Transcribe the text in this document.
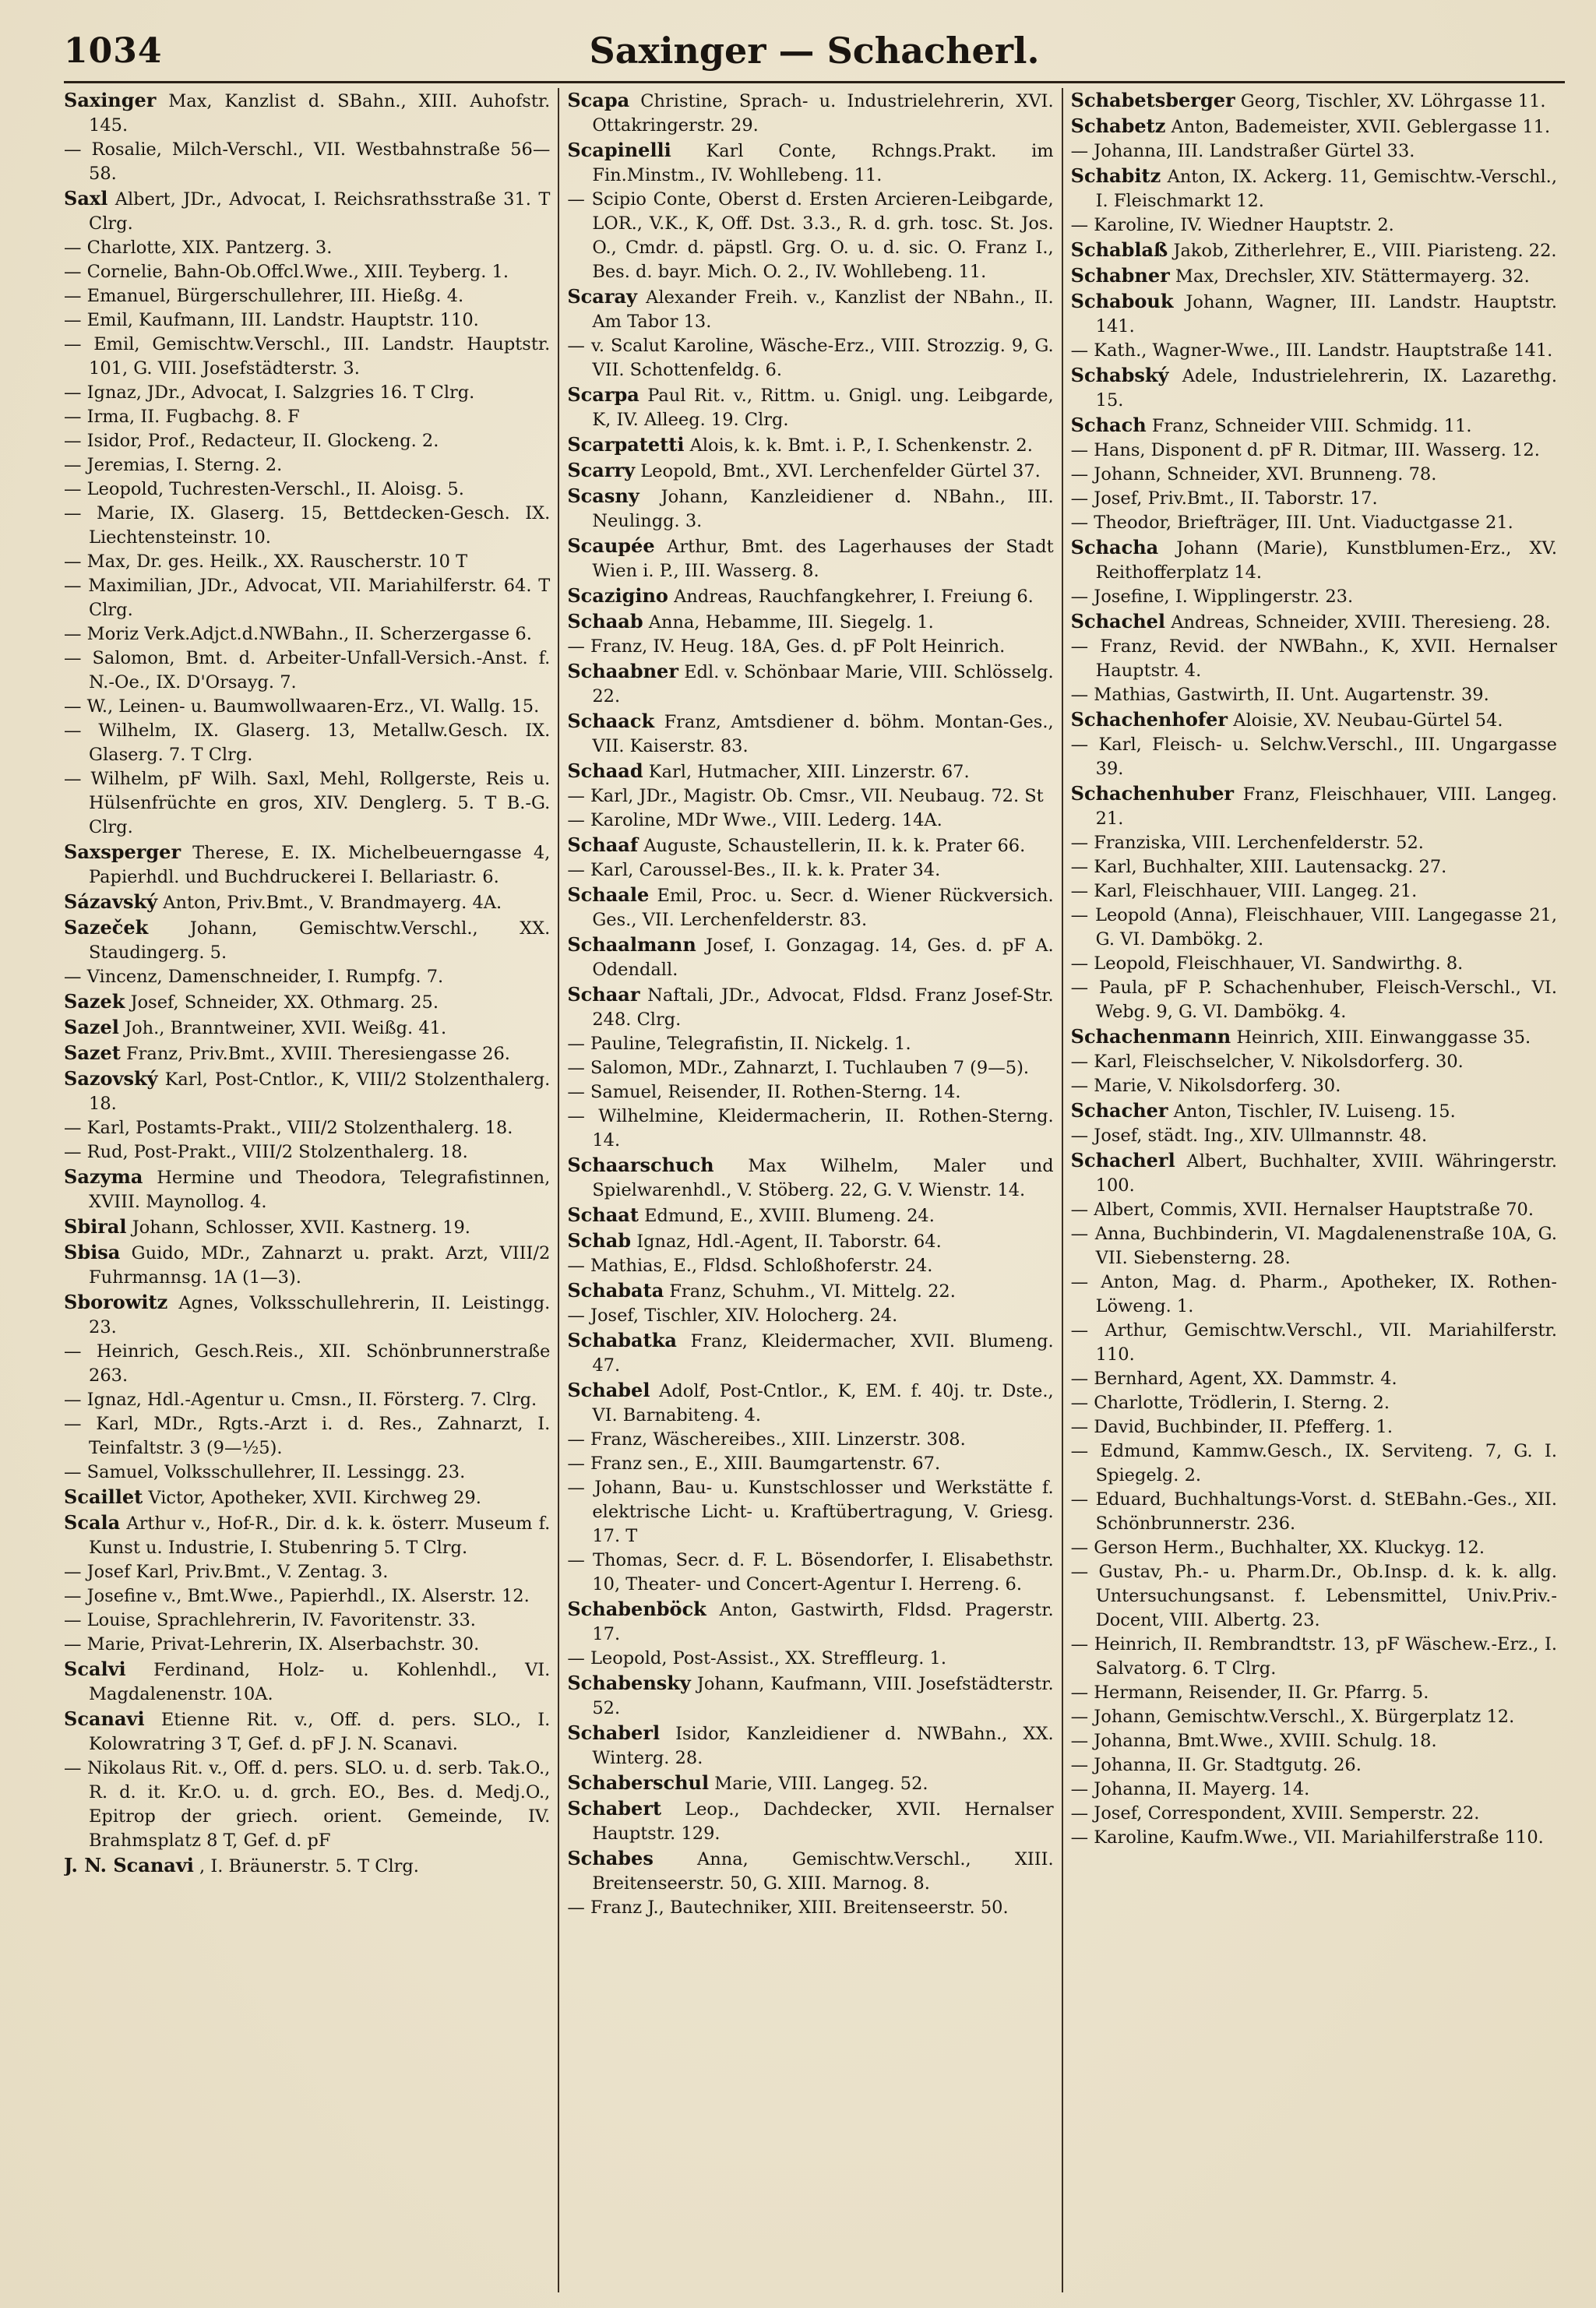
1034	Saxinger — Schacherl.

Saxinger Max, Kanzlist d. SBahn., XIII. Auhofstr. 145.

— Rosalie, Milch-Verschl., VII. Westbahnstraße 56—58.

Saxl Albert, JDr., Advocat, I. Reichsrathsstraße 31. T Clrg.

— Charlotte, XIX. Pantzerg. 3.

— Cornelie, Bahn-Ob.Offcl.Wwe., XIII. Teyberg. 1.

— Emanuel, Bürgerschullehrer, III. Hießg. 4.

— Emil, Kaufmann, III. Landstr. Hauptstr. 110.

— Emil, Gemischtw.Verschl., III. Landstr. Hauptstr. 101, G. VIII. Josefstädterstr. 3.

— Ignaz, JDr., Advocat, I. Salzgries 16. T Clrg.

— Irma, II. Fugbachg. 8. F

— Isidor, Prof., Redacteur, II. Glockeng. 2.

— Jeremias, I. Sterng. 2.

— Leopold, Tuchresten-Verschl., II. Aloisg. 5.

— Marie, IX. Glaserg. 15, Bettdecken-Gesch. IX. Liechtensteinstr. 10.

— Max, Dr. ges. Heilk., XX. Rauscherstr. 10 T

— Maximilian, JDr., Advocat, VII. Mariahilferstr. 64. T Clrg.

— Moriz Verk.Adjct.d.NWBahn., II. Scherzergasse 6.

— Salomon, Bmt. d. Arbeiter-Unfall-Versich.-Anst. f. N.-Oe., IX. D'Orsayg. 7.

— W., Leinen- u. Baumwollwaaren-Erz., VI. Wallg. 15.

— Wilhelm, IX. Glaserg. 13, Metallw.Gesch. IX. Glaserg. 7. T Clrg.

— Wilhelm, pF Wilh. Saxl, Mehl, Rollgerste, Reis u. Hülsenfrüchte en gros, XIV. Denglerg. 5. T B.-G. Clrg.

Saxsperger Therese, E. IX. Michelbeuerngasse 4, Papierhdl. und Buchdruckerei I. Bellariastr. 6.

Sázavský Anton, Priv.Bmt., V. Brandmayerg. 4A.

Sazeček Johann, Gemischtw.Verschl., XX. Staudingerg. 5.

— Vincenz, Damenschneider, I. Rumpfg. 7.

Sazek Josef, Schneider, XX. Othmarg. 25.

Sazel Joh., Branntweiner, XVII. Weißg. 41.

Sazet Franz, Priv.Bmt., XVIII. Theresiengasse 26.

Sazovský Karl, Post-Cntlor., K, VIII/2 Stolzenthalerg. 18.

— Karl, Postamts-Prakt., VIII/2 Stolzenthalerg. 18.

— Rud, Post-Prakt., VIII/2 Stolzenthalerg. 18.

Sazyma Hermine und Theodora, Telegrafistinnen, XVIII. Maynollog. 4.

Sbiral Johann, Schlosser, XVII. Kastnerg. 19.

Sbisa Guido, MDr., Zahnarzt u. prakt. Arzt, VIII/2 Fuhrmannsg. 1A (1—3).

Sborowitz Agnes, Volksschullehrerin, II. Leistingg. 23.

— Heinrich, Gesch.Reis., XII. Schönbrunnerstraße 263.

— Ignaz, Hdl.-Agentur u. Cmsn., II. Försterg. 7. Clrg.

— Karl, MDr., Rgts.-Arzt i. d. Res., Zahnarzt, I. Teinfaltstr. 3 (9—½5).

— Samuel, Volksschullehrer, II. Lessingg. 23.

Scaillet Victor, Apotheker, XVII. Kirchweg 29.

Scala Arthur v., Hof-R., Dir. d. k. k. österr. Museum f. Kunst u. Industrie, I. Stubenring 5. T Clrg.

— Josef Karl, Priv.Bmt., V. Zentag. 3.

— Josefine v., Bmt.Wwe., Papierhdl., IX. Alserstr. 12.

— Louise, Sprachlehrerin, IV. Favoritenstr. 33.

— Marie, Privat-Lehrerin, IX. Alserbachstr. 30.

Scalvi Ferdinand, Holz- u. Kohlenhdl., VI. Magdalenenstr. 10A.

Scanavi Etienne Rit. v., Off. d. pers. SLO., I. Kolowratring 3 T, Gef. d. pF J. N. Scanavi.

— Nikolaus Rit. v., Off. d. pers. SLO. u. d. serb. Tak.O., R. d. it. Kr.O. u. d. grch. EO., Bes. d. Medj.O., Epitrop der griech. orient. Gemeinde, IV. Brahmsplatz 8 T, Gef. d. pF

J. N. Scanavi , I. Bräunerstr. 5. T Clrg.

Scapa Christine, Sprach- u. Industrielehrerin, XVI. Ottakringerstr. 29.

Scapinelli Karl Conte, Rchngs.Prakt. im Fin.Minstm., IV. Wohllebeng. 11.

— Scipio Conte, Oberst d. Ersten Arcieren-Leibgarde, LOR., V.K., K, Off. Dst. 3.3., R. d. grh. tosc. St. Jos. O., Cmdr. d. päpstl. Grg. O. u. d. sic. O. Franz I., Bes. d. bayr. Mich. O. 2., IV. Wohllebeng. 11.

Scaray Alexander Freih. v., Kanzlist der NBahn., II. Am Tabor 13.

— v. Scalut Karoline, Wäsche-Erz., VIII. Strozzig. 9, G. VII. Schottenfeldg. 6.

Scarpa Paul Rit. v., Rittm. u. Gnigl. ung. Leibgarde, K, IV. Alleeg. 19. Clrg.

Scarpatetti Alois, k. k. Bmt. i. P., I. Schenkenstr. 2.

Scarry Leopold, Bmt., XVI. Lerchenfelder Gürtel 37.

Scasny Johann, Kanzleidiener d. NBahn., III. Neulingg. 3.

Scaupée Arthur, Bmt. des Lagerhauses der Stadt Wien i. P., III. Wasserg. 8.

Scazigino Andreas, Rauchfangkehrer, I. Freiung 6.

Schaab Anna, Hebamme, III. Siegelg. 1.

— Franz, IV. Heug. 18A, Ges. d. pF Polt Heinrich.

Schaabner Edl. v. Schönbaar Marie, VIII. Schlösselg. 22.

Schaack Franz, Amtsdiener d. böhm. Montan-Ges., VII. Kaiserstr. 83.

Schaad Karl, Hutmacher, XIII. Linzerstr. 67.

— Karl, JDr., Magistr. Ob. Cmsr., VII. Neubaug. 72. St

— Karoline, MDr Wwe., VIII. Lederg. 14A.

Schaaf Auguste, Schaustellerin, II. k. k. Prater 66.

— Karl, Caroussel-Bes., II. k. k. Prater 34.

Schaale Emil, Proc. u. Secr. d. Wiener Rückversich. Ges., VII. Lerchenfelderstr. 83.

Schaalmann Josef, I. Gonzagag. 14, Ges. d. pF A. Odendall.

Schaar Naftali, JDr., Advocat, Fldsd. Franz Josef-Str. 248. Clrg.

— Pauline, Telegrafistin, II. Nickelg. 1.

— Salomon, MDr., Zahnarzt, I. Tuchlauben 7 (9—5).

— Samuel, Reisender, II. Rothen-Sterng. 14.

— Wilhelmine, Kleidermacherin, II. Rothen-Sterng. 14.

Schaarschuch Max Wilhelm, Maler und Spielwarenhdl., V. Stöberg. 22, G. V. Wienstr. 14.

Schaat Edmund, E., XVIII. Blumeng. 24.

Schab Ignaz, Hdl.-Agent, II. Taborstr. 64.

— Mathias, E., Fldsd. Schloßhoferstr. 24.

Schabata Franz, Schuhm., VI. Mittelg. 22.

— Josef, Tischler, XIV. Holocherg. 24.

Schabatka Franz, Kleidermacher, XVII. Blumeng. 47.

Schabel Adolf, Post-Cntlor., K, EM. f. 40j. tr. Dste., VI. Barnabiteng. 4.

— Franz, Wäschereibes., XIII. Linzerstr. 308.

— Franz sen., E., XIII. Baumgartenstr. 67.

— Johann, Bau- u. Kunstschlosser und Werkstätte f. elektrische Licht- u. Kraftübertragung, V. Griesg. 17. T

— Thomas, Secr. d. F. L. Bösendorfer, I. Elisabethstr. 10, Theater- und Concert-Agentur I. Herreng. 6.

Schabenböck Anton, Gastwirth, Fldsd. Pragerstr. 17.

— Leopold, Post-Assist., XX. Streffleurg. 1.

Schabensky Johann, Kaufmann, VIII. Josefstädterstr. 52.

Schaberl Isidor, Kanzleidiener d. NWBahn., XX. Winterg. 28.

Schaberschul Marie, VIII. Langeg. 52.

Schabert Leop., Dachdecker, XVII. Hernalser Hauptstr. 129.

Schabes Anna, Gemischtw.Verschl., XIII. Breitenseerstr. 50, G. XIII. Marnog. 8.

— Franz J., Bautechniker, XIII. Breitenseerstr. 50.

Schabetsberger Georg, Tischler, XV. Löhrgasse 11.

Schabetz Anton, Bademeister, XVII. Geblergasse 11.

— Johanna, III. Landstraßer Gürtel 33.

Schabitz Anton, IX. Ackerg. 11, Gemischtw.-Verschl., I. Fleischmarkt 12.

— Karoline, IV. Wiedner Hauptstr. 2.

Schablaß Jakob, Zitherlehrer, E., VIII. Piaristeng. 22.

Schabner Max, Drechsler, XIV. Stättermayerg. 32.

Schabouk Johann, Wagner, III. Landstr. Hauptstr. 141.

— Kath., Wagner-Wwe., III. Landstr. Hauptstraße 141.

Schabský Adele, Industrielehrerin, IX. Lazarethg. 15.

Schach Franz, Schneider VIII. Schmidg. 11.

— Hans, Disponent d. pF R. Ditmar, III. Wasserg. 12.

— Johann, Schneider, XVI. Brunneng. 78.

— Josef, Priv.Bmt., II. Taborstr. 17.

— Theodor, Briefträger, III. Unt. Viaductgasse 21.

Schacha Johann (Marie), Kunstblumen-Erz., XV. Reithofferplatz 14.

— Josefine, I. Wipplingerstr. 23.

Schachel Andreas, Schneider, XVIII. Theresieng. 28.

— Franz, Revid. der NWBahn., K, XVII. Hernalser Hauptstr. 4.

— Mathias, Gastwirth, II. Unt. Augartenstr. 39.

Schachenhofer Aloisie, XV. Neubau-Gürtel 54.

— Karl, Fleisch- u. Selchw.Verschl., III. Ungargasse 39.

Schachenhuber Franz, Fleischhauer, VIII. Langeg. 21.

— Franziska, VIII. Lerchenfelderstr. 52.

— Karl, Buchhalter, XIII. Lautensackg. 27.

— Karl, Fleischhauer, VIII. Langeg. 21.

— Leopold (Anna), Fleischhauer, VIII. Langegasse 21, G. VI. Dambökg. 2.

— Leopold, Fleischhauer, VI. Sandwirthg. 8.

— Paula, pF P. Schachenhuber, Fleisch-Verschl., VI. Webg. 9, G. VI. Dambökg. 4.

Schachenmann Heinrich, XIII. Einwanggasse 35.

— Karl, Fleischselcher, V. Nikolsdorferg. 30.

— Marie, V. Nikolsdorferg. 30.

Schacher Anton, Tischler, IV. Luiseng. 15.

— Josef, städt. Ing., XIV. Ullmannstr. 48.

Schacherl Albert, Buchhalter, XVIII. Währingerstr. 100.

— Albert, Commis, XVII. Hernalser Hauptstraße 70.

— Anna, Buchbinderin, VI. Magdalenenstraße 10A, G. VII. Siebensterng. 28.

— Anton, Mag. d. Pharm., Apotheker, IX. Rothen-Löweng. 1.

— Arthur, Gemischtw.Verschl., VII. Mariahilferstr. 110.

— Bernhard, Agent, XX. Dammstr. 4.

— Charlotte, Trödlerin, I. Sterng. 2.

— David, Buchbinder, II. Pfefferg. 1.

— Edmund, Kammw.Gesch., IX. Serviteng. 7, G. I. Spiegelg. 2.

— Eduard, Buchhaltungs-Vorst. d. StEBahn.-Ges., XII. Schönbrunnerstr. 236.

— Gerson Herm., Buchhalter, XX. Kluckyg. 12.

— Gustav, Ph.- u. Pharm.Dr., Ob.Insp. d. k. k. allg. Untersuchungsanst. f. Lebensmittel, Univ.Priv.-Docent, VIII. Albertg. 23.

— Heinrich, II. Rembrandtstr. 13, pF Wäschew.-Erz., I. Salvatorg. 6. T Clrg.

— Hermann, Reisender, II. Gr. Pfarrg. 5.

— Johann, Gemischtw.Verschl., X. Bürgerplatz 12.

— Johanna, Bmt.Wwe., XVIII. Schulg. 18.

— Johanna, II. Gr. Stadtgutg. 26.

— Johanna, II. Mayerg. 14.

— Josef, Correspondent, XVIII. Semperstr. 22.

— Karoline, Kaufm.Wwe., VII. Mariahilferstraße 110.
